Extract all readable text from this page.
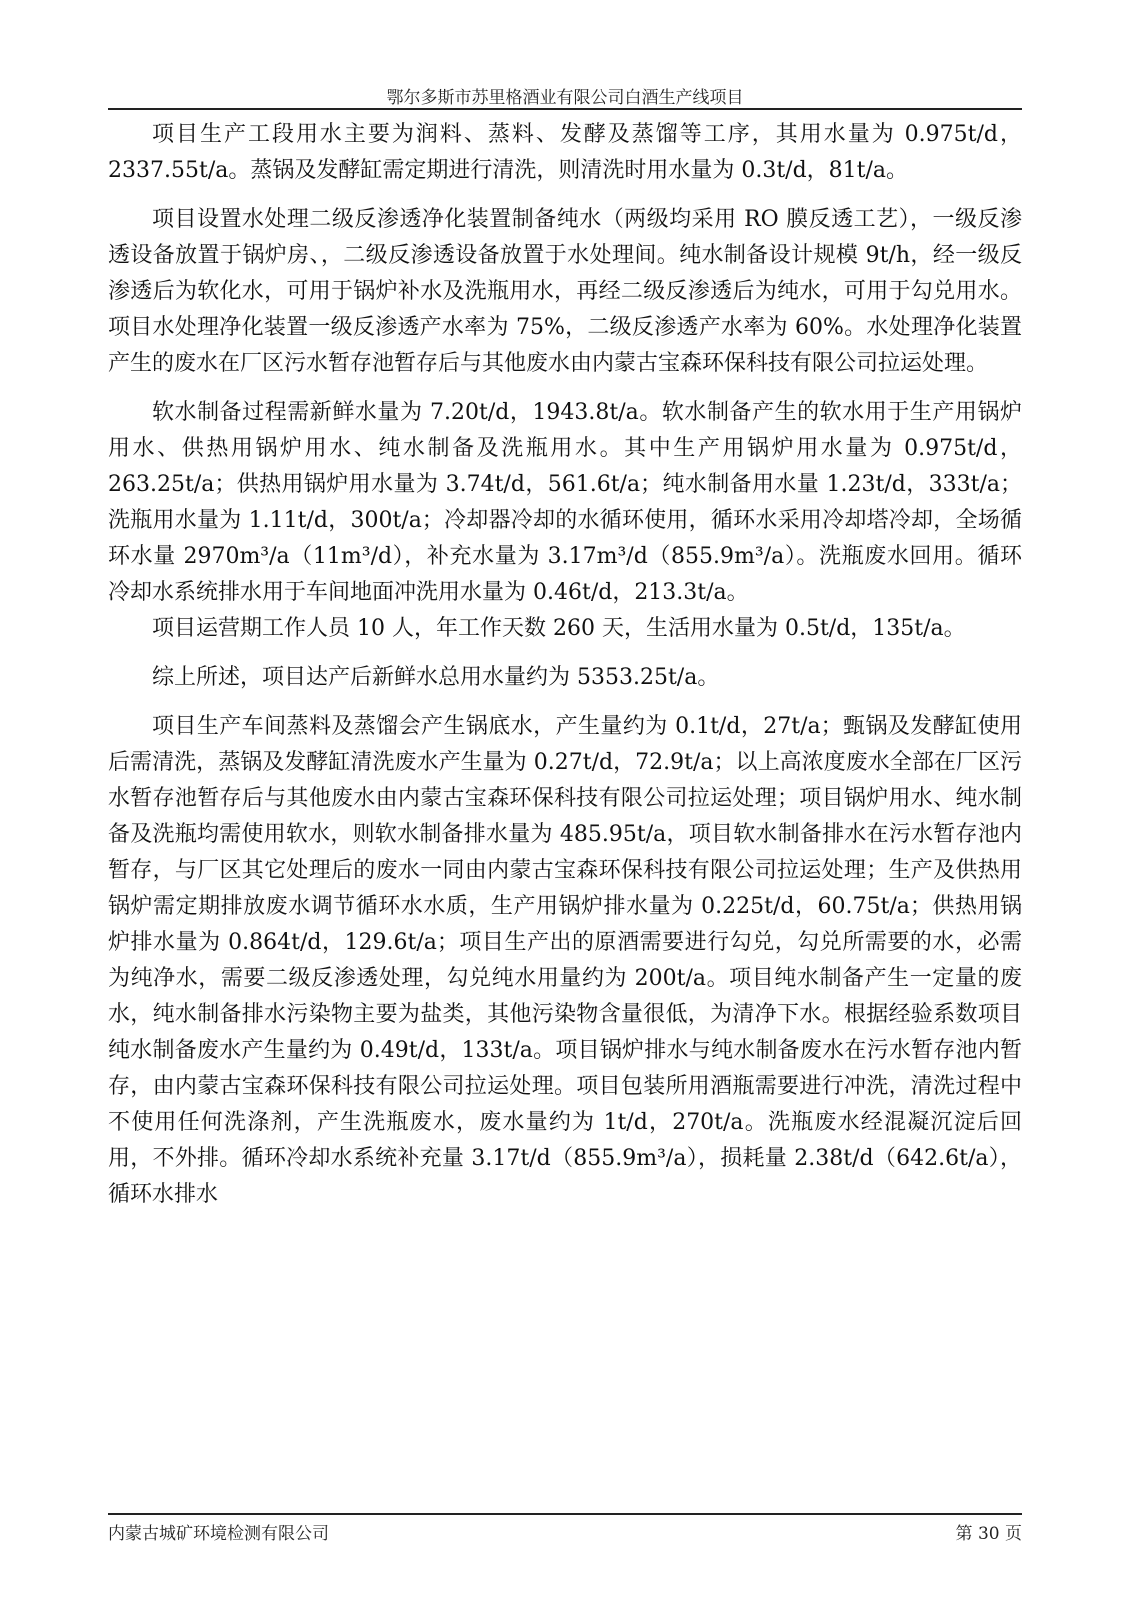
鄂尔多斯市苏里格酒业有限公司白酒生产线项目

项目生产工段用水主要为润料、蒸料、发酵及蒸馏等工序，其用水量为 0.975t/d，2337.55t/a。蒸锅及发酵缸需定期进行清洗，则清洗时用水量为 0.3t/d，81t/a。

项目设置水处理二级反渗透净化装置制备纯水（两级均采用 RO 膜反透工艺），一级反渗透设备放置于锅炉房、，二级反渗透设备放置于水处理间。纯水制备设计规模 9t/h，经一级反渗透后为软化水，可用于锅炉补水及洗瓶用水，再经二级反渗透后为纯水，可用于勾兑用水。项目水处理净化装置一级反渗透产水率为 75%，二级反渗透产水率为 60%。水处理净化装置产生的废水在厂区污水暂存池暂存后与其他废水由内蒙古宝森环保科技有限公司拉运处理。

软水制备过程需新鲜水量为 7.20t/d，1943.8t/a。软水制备产生的软水用于生产用锅炉用水、供热用锅炉用水、纯水制备及洗瓶用水。其中生产用锅炉用水量为 0.975t/d，263.25t/a；供热用锅炉用水量为 3.74t/d，561.6t/a；纯水制备用水量 1.23t/d，333t/a；洗瓶用水量为 1.11t/d，300t/a；冷却器冷却的水循环使用，循环水采用冷却塔冷却，全场循环水量 2970m³/a（11m³/d），补充水量为 3.17m³/d（855.9m³/a）。洗瓶废水回用。循环冷却水系统排水用于车间地面冲洗用水量为 0.46t/d，213.3t/a。

项目运营期工作人员 10 人，年工作天数 260 天，生活用水量为 0.5t/d，135t/a。

综上所述，项目达产后新鲜水总用水量约为 5353.25t/a。

项目生产车间蒸料及蒸馏会产生锅底水，产生量约为 0.1t/d，27t/a；甄锅及发酵缸使用后需清洗，蒸锅及发酵缸清洗废水产生量为 0.27t/d，72.9t/a；以上高浓度废水全部在厂区污水暂存池暂存后与其他废水由内蒙古宝森环保科技有限公司拉运处理；项目锅炉用水、纯水制备及洗瓶均需使用软水，则软水制备排水量为 485.95t/a，项目软水制备排水在污水暂存池内暂存，与厂区其它处理后的废水一同由内蒙古宝森环保科技有限公司拉运处理；生产及供热用锅炉需定期排放废水调节循环水水质，生产用锅炉排水量为 0.225t/d，60.75t/a；供热用锅炉排水量为 0.864t/d，129.6t/a；项目生产出的原酒需要进行勾兑，勾兑所需要的水，必需为纯净水，需要二级反渗透处理，勾兑纯水用量约为 200t/a。项目纯水制备产生一定量的废水，纯水制备排水污染物主要为盐类，其他污染物含量很低，为清净下水。根据经验系数项目纯水制备废水产生量约为 0.49t/d，133t/a。项目锅炉排水与纯水制备废水在污水暂存池内暂存，由内蒙古宝森环保科技有限公司拉运处理。项目包装所用酒瓶需要进行冲洗，清洗过程中不使用任何洗涤剂，产生洗瓶废水，废水量约为 1t/d，270t/a。洗瓶废水经混凝沉淀后回用，不外排。循环冷却水系统补充量 3.17t/d（855.9m³/a），损耗量 2.38t/d（642.6t/a），循环水排水

内蒙古城矿环境检测有限公司	第 30 页
